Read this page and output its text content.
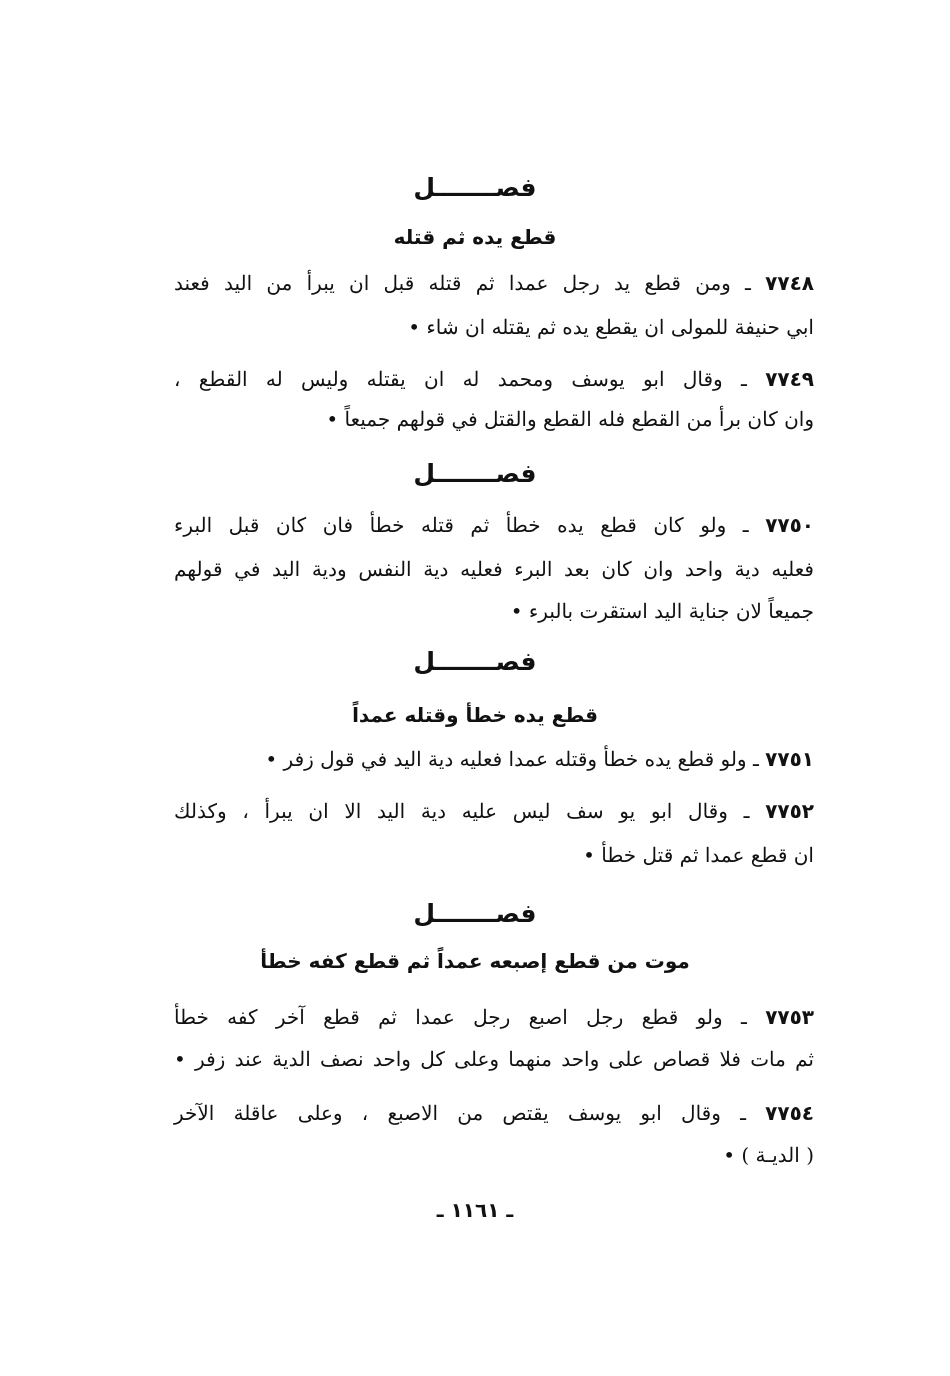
فصـــــــل
قطع يده ثم قتله
٧٧٤٨ ـ ومن قطع يد رجل عمدا ثم قتله قبل ان يبرأ من اليد فعند
ابي حنيفة للمولى ان يقطع يده ثم يقتله ان شاء •
٧٧٤٩ ـ وقال ابو يوسف ومحمد له ان يقتله وليس له القطع ،
وان كان برأ من القطع فله القطع والقتل في قولهم جميعاً •
فصـــــــل
٧٧٥٠ ـ ولو كان قطع يده خطأ ثم قتله خطأ فان كان قبل البرء
فعليه دية واحد وان كان بعد البرء فعليه دية النفس ودية اليد في قولهم
جميعاً لان جناية اليد استقرت بالبرء •
فصـــــــل
قطع يده خطأ وقتله عمداً
٧٧٥١ ـ ولو قطع يده خطأ وقتله عمدا فعليه دية اليد في قول زفر •
٧٧٥٢ ـ وقال ابو يو سف ليس عليه دية اليد الا ان يبرأ ، وكذلك
ان قطع عمدا ثم قتل خطأ •
فصـــــــل
موت من قطع إصبعه عمداً ثم قطع كفه خطأ
٧٧٥٣ ـ ولو قطع رجل اصبع رجل عمدا ثم قطع آخر كفه خطأ
ثم مات فلا قصاص على واحد منهما وعلى كل واحد نصف الدية عند زفر •
٧٧٥٤ ـ وقال ابو يوسف يقتص من الاصبع ، وعلى عاقلة الآخر
( الديـة ) •
ـ ١١٦١ ـ
